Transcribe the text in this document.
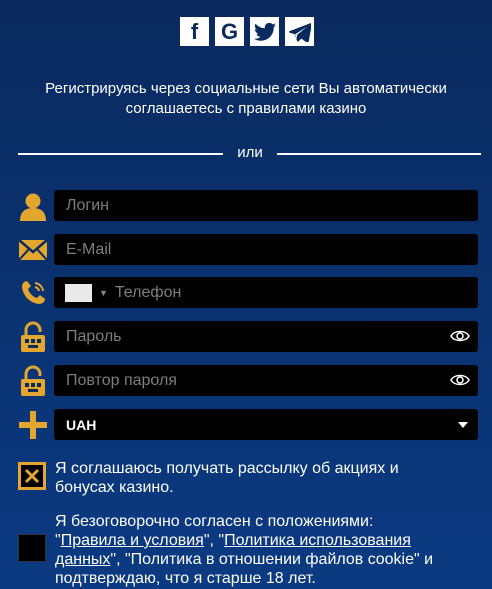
f G
Регистрируясь через социальные сети Вы автоматически
соглашаетесь с правилами казино
или
Логин
E-Mail
▼ Телефон
Пароль
Повтор пароля
UAH
Я соглашаюсь получать рассылку об акциях и
бонусах казино.
Я безоговорочно согласен с положениями:
"Правила и условия", "Политика использования данных", "Политика в отношении файлов cookie" и подтверждаю, что я старше 18 лет.
